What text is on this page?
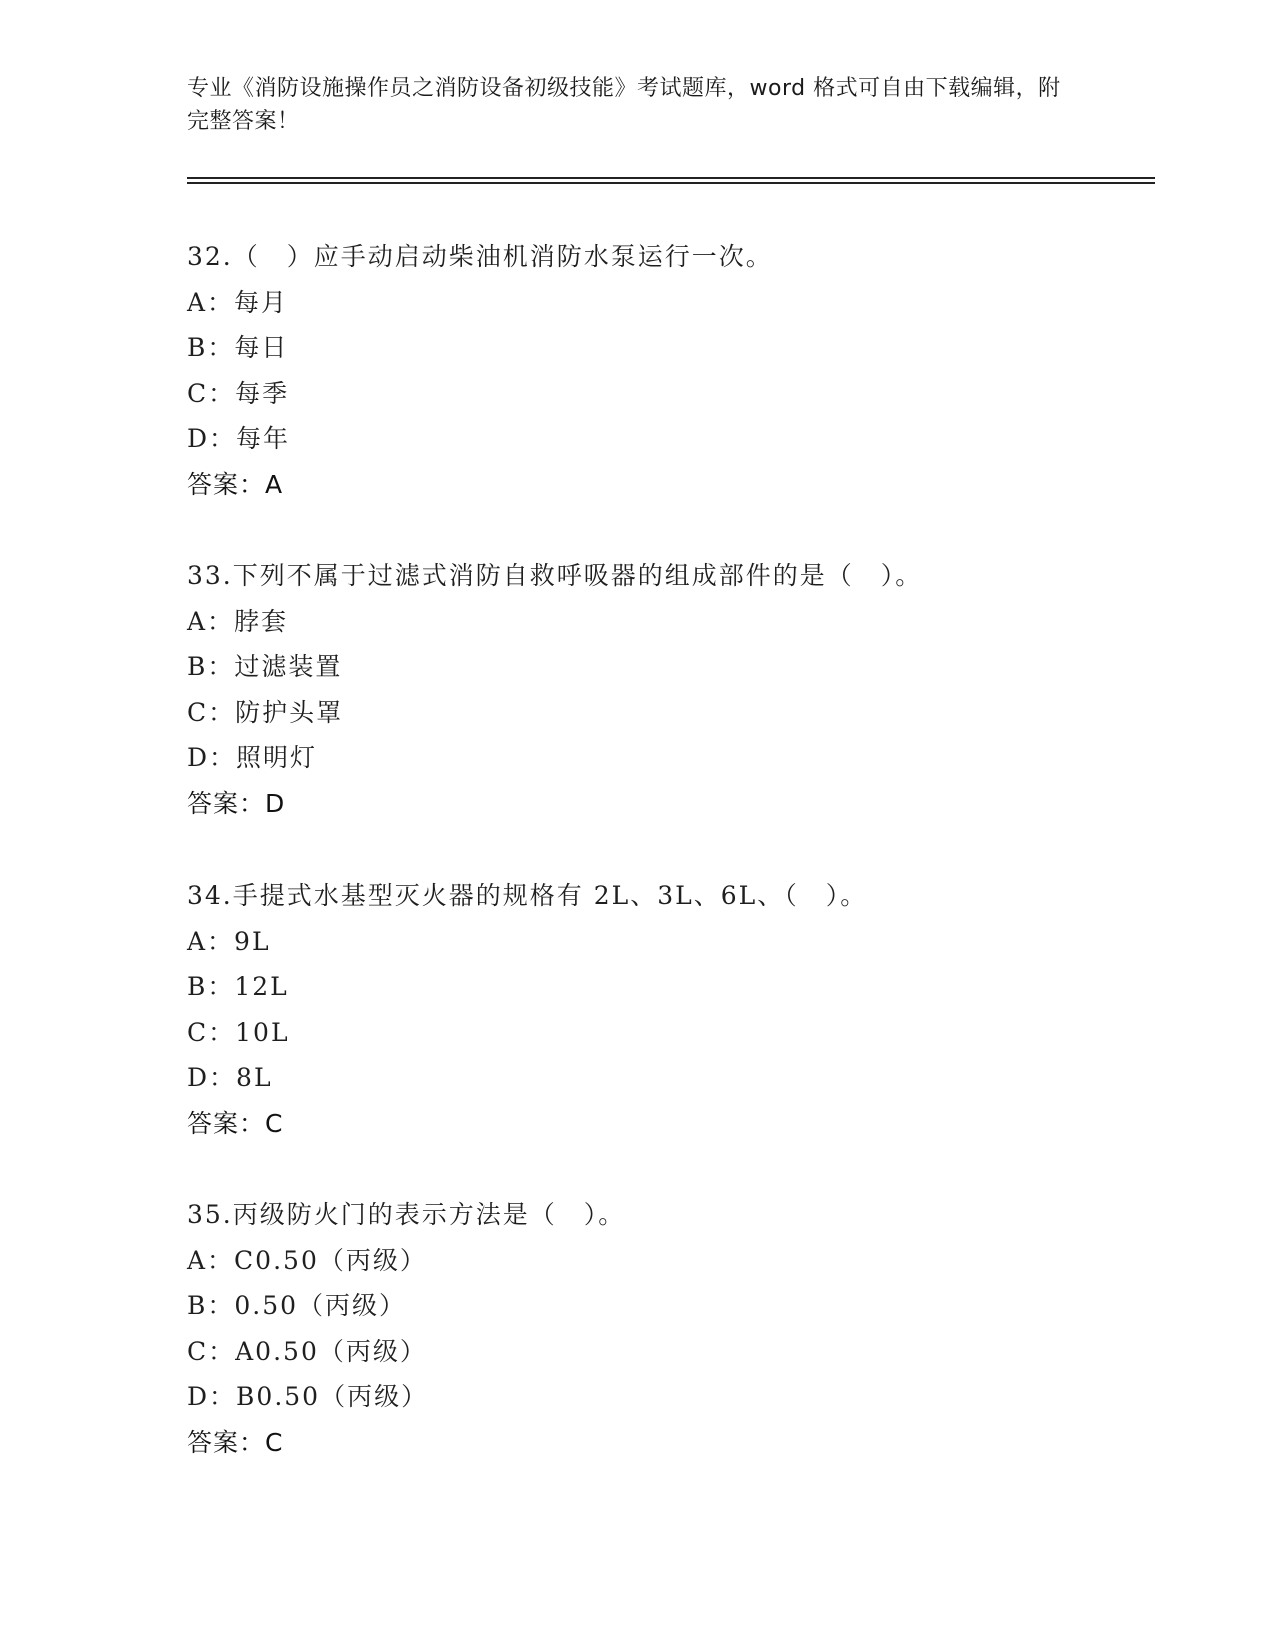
专业《消防设施操作员之消防设备初级技能》考试题库，word 格式可自由下载编辑，附完整答案！
32.（　）应手动启动柴油机消防水泵运行一次。
A：每月
B：每日
C：每季
D：每年
答案：A
33.下列不属于过滤式消防自救呼吸器的组成部件的是（　）。
A：脖套
B：过滤装置
C：防护头罩
D：照明灯
答案：D
34.手提式水基型灭火器的规格有 2L、3L、6L、（　）。
A：9L
B：12L
C：10L
D：8L
答案：C
35.丙级防火门的表示方法是（　）。
A：C0.50（丙级）
B：0.50（丙级）
C：A0.50（丙级）
D：B0.50（丙级）
答案：C
